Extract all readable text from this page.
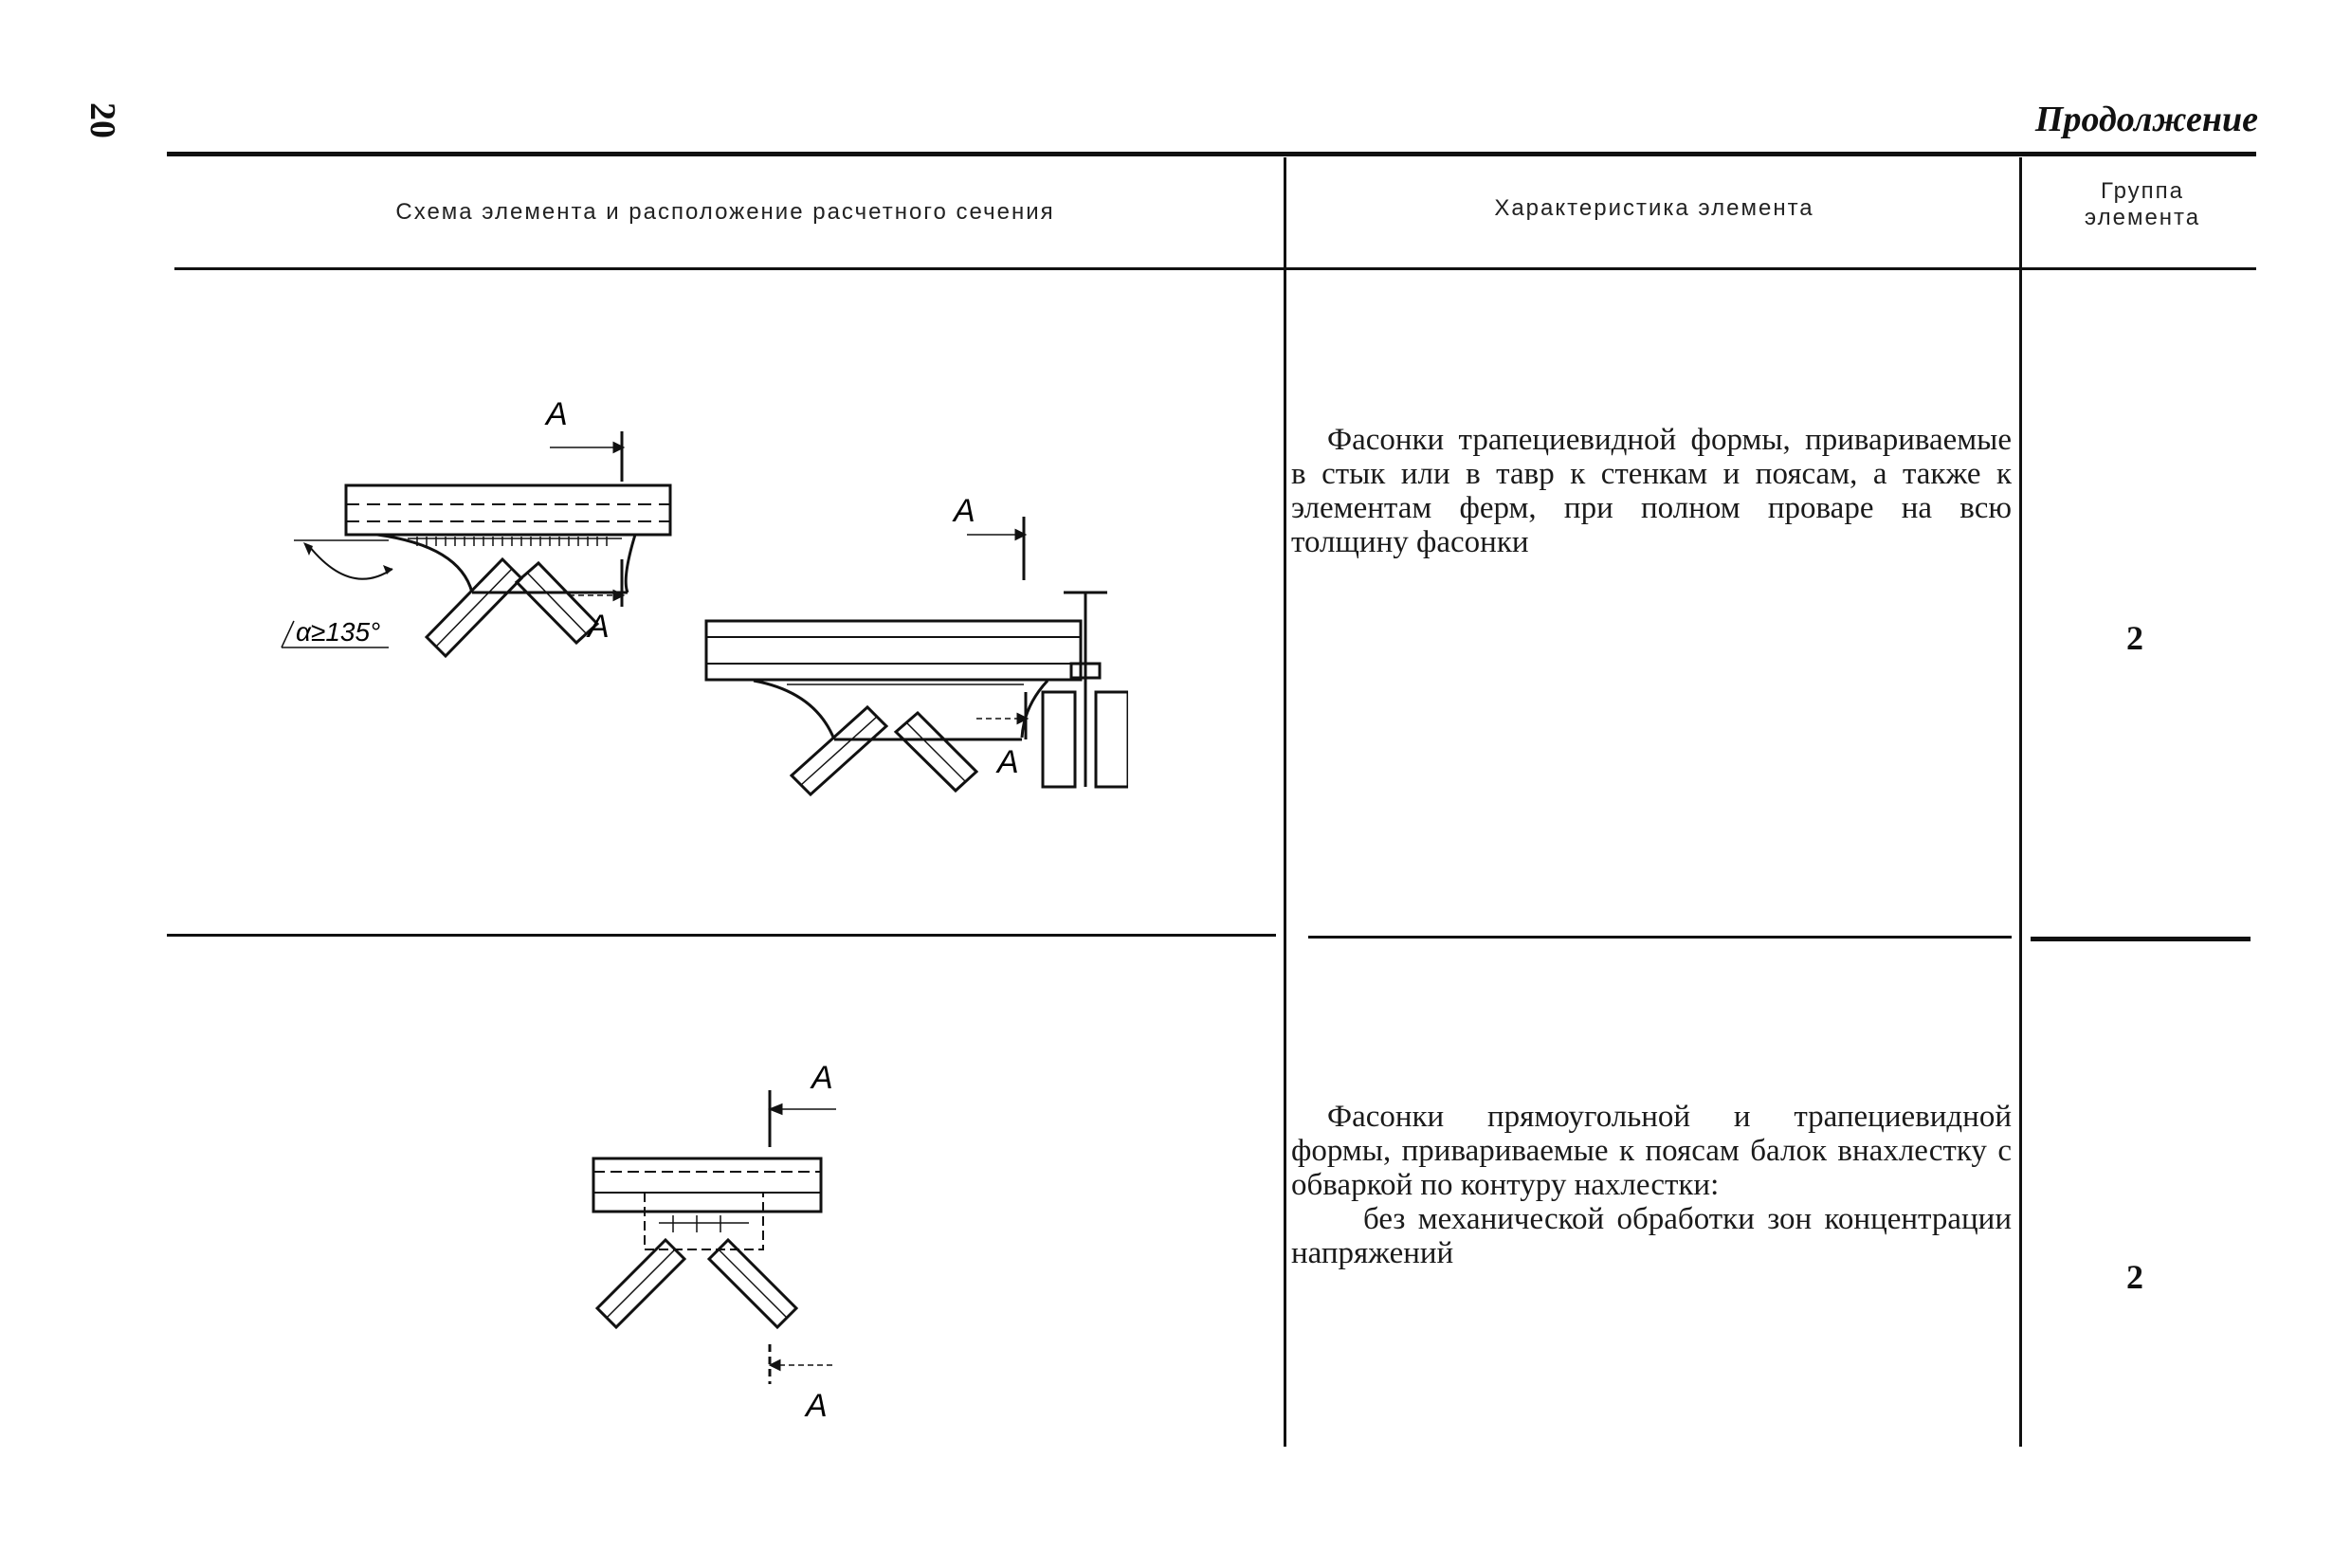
20	Продолжение
Схема элемента и расположение расчетного сечения	Характеристика элемента
Группа элемента
Фасонки трапециевидной формы, привариваемые в стык или в тавр к стенкам и поясам, а также к элементам ферм, при полном проваре на всю толщину фасонки
2
A
A
α≥135°
A
A
Фасонки прямоугольной и трапециевидной формы, привариваемые к поясам балок внахлестку с обваркой по контуру нахлестки:
без механической обработки зон концентрации напряжений
2
A
A
